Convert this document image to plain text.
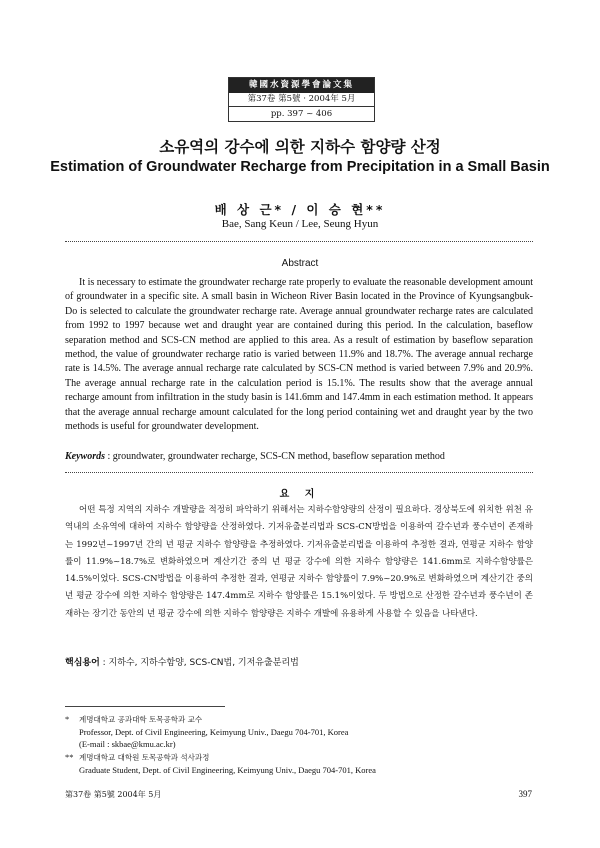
韓國水資源學會論文集
第37卷 第5號 · 2004年 5月
pp. 397 ~ 406
소유역의 강수에 의한 지하수 함양량 산정
Estimation of Groundwater Recharge from Precipitation in a Small Basin
배 상 근* / 이 승 현**
Bae, Sang Keun / Lee, Seung Hyun
Abstract

It is necessary to estimate the groundwater recharge rate properly to evaluate the reasonable development amount of groundwater in a specific site. A small basin in Wicheon River Basin located in the Province of Kyungsangbuk-Do is selected to calculate the groundwater recharge rate. Average annual groundwater recharge rates are calculated from 1992 to 1997 because wet and draught year are contained during this period. In the calculation, baseflow separation method and SCS-CN method are applied to this area. As a result of estimation by baseflow separation method, the value of groundwater recharge ratio is varied between 11.9% and 18.7%. The average annual recharge rate is 14.5%. The average annual recharge rate calculated by SCS-CN method is varied between 7.9% and 20.9%. The average annual recharge rate in the calculation period is 15.1%. The results show that the average annual recharge amount from infiltration in the study basin is 141.6mm and 147.4mm in each estimation method. It appears that the average annual recharge amount calculated for the long period containing wet and draught year by the two methods is useful for groundwater development.

Keywords : groundwater, groundwater recharge, SCS-CN method, baseflow separation method
요 지

어떤 특정 지역의 지하수 개발량을 적정히 파악하기 위해서는 지하수함양량의 산정이 필요하다. 경상북도에 위치한 위천 유역내의 소유역에 대하여 지하수 함양량을 산정하였다. 기저유출분리법과 SCS-CN방법을 이용하여 갈수년과 풍수년이 존재하는 1992년~1997년 간의 년 평균 지하수 함양량을 추정하였다. 기저유출분리법을 이용하여 추정한 결과, 연평균 지하수 함양률이 11.9%~18.7%로 변화하였으며 계산기간 중의 년 평균 강수에 의한 지하수 함양량은 141.6mm로 지하수함양률은 14.5%이었다. SCS-CN방법을 이용하여 추정한 결과, 연평균 지하수 함양률이 7.9%~20.9%로 변화하였으며 계산기간 중의 년 평균 강수에 의한 지하수 함양량은 147.4mm로 지하수 함양률은 15.1%이었다. 두 방법으로 산정한 갈수년과 풍수년이 존재하는 장기간 동안의 년 평균 강수에 의한 지하수 함양량은 지하수 개발에 유용하게 사용할 수 있음을 나타낸다.

핵심용어 : 지하수, 지하수함양, SCS-CN법, 기저유출분리법
* 계명대학교 공과대학 토목공학과 교수
Professor, Dept. of Civil Engineering, Keimyung Univ., Daegu 704-701, Korea
(E-mail : skbae@kmu.ac.kr)
** 계명대학교 대학원 토목공학과 석사과정
Graduate Student, Dept. of Civil Engineering, Keimyung Univ., Daegu 704-701, Korea
第37卷 第5號 2004年 5月	397
